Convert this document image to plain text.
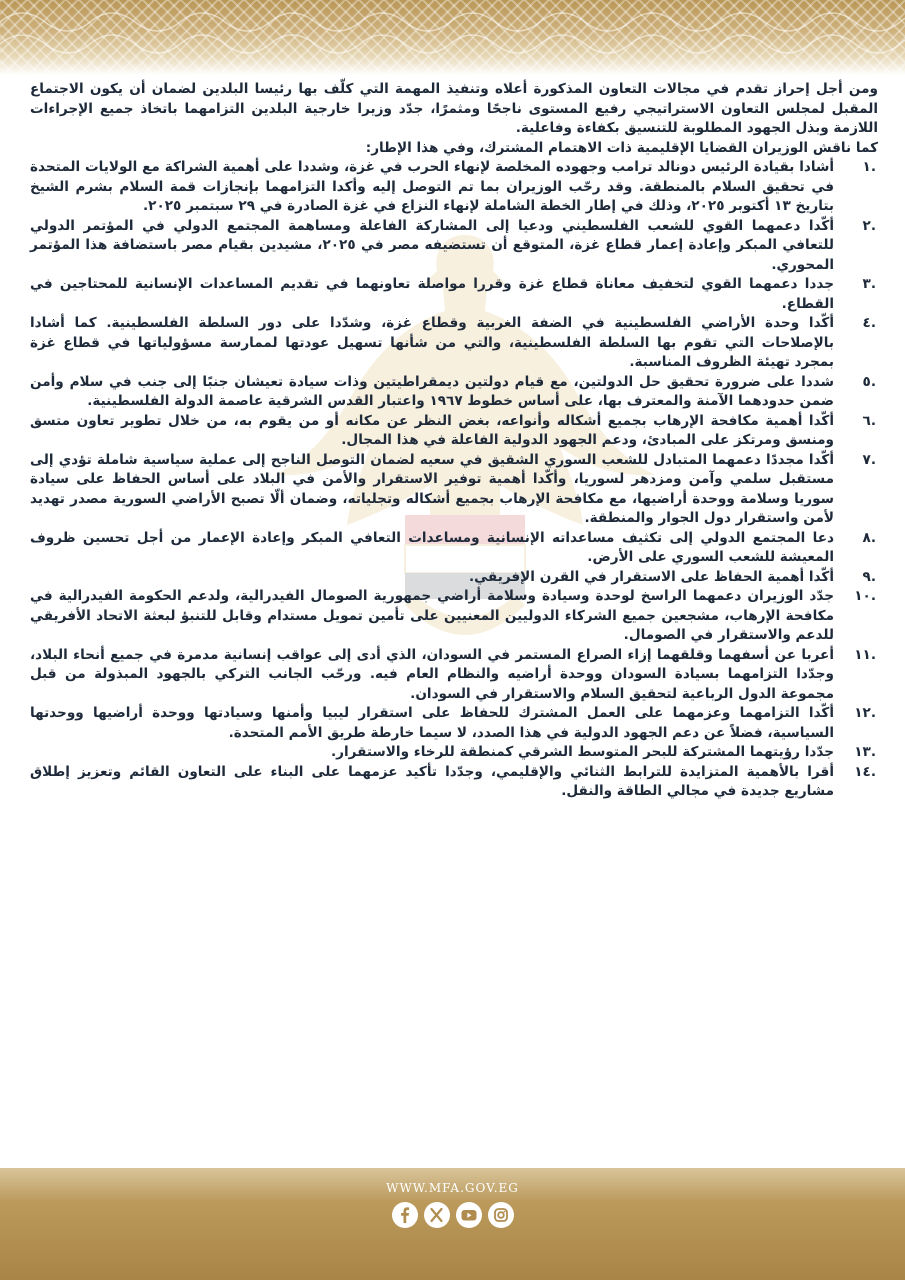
ومن أجل إحراز تقدم في مجالات التعاون المذكورة أعلاه وتنفيذ المهمة التي كلّف بها رئيسا البلدين لضمان أن يكون الاجتماع المقبل لمجلس التعاون الاستراتيجي رفيع المستوى ناجحًا ومثمرًا، جدّد وزيرا خارجية البلدين التزامهما باتخاذ جميع الإجراءات اللازمة وبذل الجهود المطلوبة للتنسيق بكفاءة وفاعلية.

كما ناقش الوزيران القضايا الإقليمية ذات الاهتمام المشترك، وفي هذا الإطار:

.١
أشادا بقيادة الرئيس دونالد ترامب وجهوده المخلصة لإنهاء الحرب في غزة، وشددا على أهمية الشراكة مع الولايات المتحدة في تحقيق السلام بالمنطقة. وقد رحّب الوزيران بما تم التوصل إليه وأكدا التزامهما بإنجازات قمة السلام بشرم الشيخ بتاريخ ١٣ أكتوبر ٢٠٢٥، وذلك في إطار الخطة الشاملة لإنهاء النزاع في غزة الصادرة في ٢٩ سبتمبر ٢٠٢٥.
.٢
أكّدا دعمهما القوي للشعب الفلسطيني ودعيا إلى المشاركة الفاعلة ومساهمة المجتمع الدولي في المؤتمر الدولي للتعافي المبكر وإعادة إعمار قطاع غزة، المتوقع أن تستضيفه مصر في ٢٠٢٥، مشيدين بقيام مصر باستضافة هذا المؤتمر المحوري.
.٣
جددا دعمهما القوي لتخفيف معاناة قطاع غزة وقررا مواصلة تعاونهما في تقديم المساعدات الإنسانية للمحتاجين في القطاع.
.٤
أكّدا وحدة الأراضي الفلسطينية في الضفة الغربية وقطاع غزة، وشدّدا على دور السلطة الفلسطينية. كما أشادا بالإصلاحات التي تقوم بها السلطة الفلسطينية، والتي من شأنها تسهيل عودتها لممارسة مسؤولياتها في قطاع غزة بمجرد تهيئة الظروف المناسبة.
.٥
شددا على ضرورة تحقيق حل الدولتين، مع قيام دولتين ديمقراطيتين وذات سيادة تعيشان جنبًا إلى جنب في سلام وأمن ضمن حدودهما الآمنة والمعترف بها، على أساس خطوط ١٩٦٧ واعتبار القدس الشرقية عاصمة الدولة الفلسطينية.
.٦
أكّدا أهمية مكافحة الإرهاب بجميع أشكاله وأنواعه، بغض النظر عن مكانه أو من يقوم به، من خلال تطوير تعاون متسق ومنسق ومرتكز على المبادئ، ودعم الجهود الدولية الفاعلة في هذا المجال.
.٧
أكّدا مجددًا دعمهما المتبادل للشعب السوري الشقيق في سعيه لضمان التوصل الناجح إلى عملية سياسية شاملة تؤدي إلى مستقبل سلمي وآمن ومزدهر لسوريا، وأكّدا أهمية توفير الاستقرار والأمن في البلاد على أساس الحفاظ على سيادة سوريا وسلامة ووحدة أراضيها، مع مكافحة الإرهاب بجميع أشكاله وتجلياته، وضمان ألّا تصبح الأراضي السورية مصدر تهديد لأمن واستقرار دول الجوار والمنطقة.
.٨
دعا المجتمع الدولي إلى تكثيف مساعداته الإنسانية ومساعدات التعافي المبكر وإعادة الإعمار من أجل تحسين ظروف المعيشة للشعب السوري على الأرض.
.٩
أكّدا أهمية الحفاظ على الاستقرار في القرن الإفريقي.
.١٠
جدّد الوزيران دعمهما الراسخ لوحدة وسيادة وسلامة أراضي جمهورية الصومال الفيدرالية، ولدعم الحكومة الفيدرالية في مكافحة الإرهاب، مشجعين جميع الشركاء الدوليين المعنيين على تأمين تمويل مستدام وقابل للتنبؤ لبعثة الاتحاد الأفريقي للدعم والاستقرار في الصومال.
.١١
أعربا عن أسفهما وقلقهما إزاء الصراع المستمر في السودان، الذي أدى إلى عواقب إنسانية مدمرة في جميع أنحاء البلاد، وجدّدا التزامهما بسيادة السودان ووحدة أراضيه والنظام العام فيه. ورحّب الجانب التركي بالجهود المبذولة من قبل مجموعة الدول الرباعية لتحقيق السلام والاستقرار في السودان.
.١٢
أكّدا التزامهما وعزمهما على العمل المشترك للحفاظ على استقرار ليبيا وأمنها وسيادتها ووحدة أراضيها ووحدتها السياسية، فضلاً عن دعم الجهود الدولية في هذا الصدد، لا سيما خارطة طريق الأمم المتحدة.
.١٣
جدّدا رؤيتهما المشتركة للبحر المتوسط الشرقي كمنطقة للرخاء والاستقرار.
.١٤
أقرا بالأهمية المتزايدة للترابط الثنائي والإقليمي، وجدّدا تأكيد عزمهما على البناء على التعاون القائم وتعزيز إطلاق مشاريع جديدة في مجالي الطاقة والنقل.
WWW.MFA.GOV.EG
